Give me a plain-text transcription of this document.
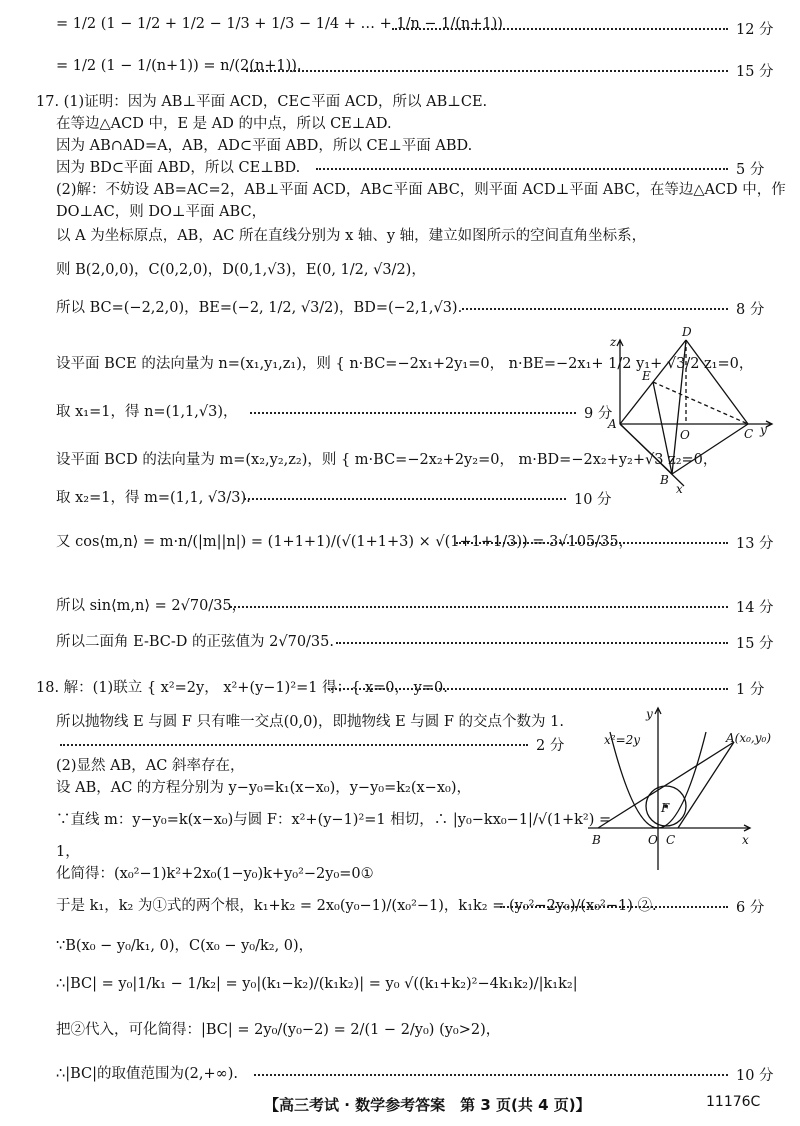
= 1/2 (1 − 1/2 + 1/2 − 1/3 + 1/3 − 1/4 + … + 1/n − 1/(n+1))	12 分
= 1/2 (1 − 1/(n+1)) = n/(2(n+1)).	15 分
17. (1)证明：因为 AB⊥平面 ACD，CE⊂平面 ACD，所以 AB⊥CE.
在等边△ACD 中，E 是 AD 的中点，所以 CE⊥AD.
因为 AB∩AD=A，AB，AD⊂平面 ABD，所以 CE⊥平面 ABD.
因为 BD⊂平面 ABD，所以 CE⊥BD.	5 分
(2)解：不妨设 AB=AC=2，AB⊥平面 ACD，AB⊂平面 ABC，则平面 ACD⊥平面 ABC，在等边△ACD 中，作
DO⊥AC，则 DO⊥平面 ABC，
以 A 为坐标原点，AB，AC 所在直线分别为 x 轴、y 轴，建立如图所示的空间直角坐标系，
则 B(2,0,0)，C(0,2,0)，D(0,1,√3)，E(0, 1/2, √3/2)，
所以 BC=(−2,2,0)，BE=(−2, 1/2, √3/2)，BD=(−2,1,√3).	8 分
设平面 BCE 的法向量为 n=(x₁,y₁,z₁)，则 { n·BC=−2x₁+2y₁=0， n·BE=−2x₁+ 1/2 y₁+ √3/2 z₁=0，
取 x₁=1，得 n=(1,1,√3)，	9 分
设平面 BCD 的法向量为 m=(x₂,y₂,z₂)，则 { m·BC=−2x₂+2y₂=0， m·BD=−2x₂+y₂+√3 z₂=0，
取 x₂=1，得 m=(1,1, √3/3).	10 分
又 cos⟨m,n⟩ = m·n/(|m||n|) = (1+1+1)/(√(1+1+3) × √(1+1+1/3)) = 3√105/35，	13 分
所以 sin⟨m,n⟩ = 2√70/35，	14 分
所以二面角 E-BC-D 的正弦值为 2√70/35.	15 分
18. 解：(1)联立 { x²=2y， x²+(y−1)²=1 得：{ x=0， y=0.	1 分
所以抛物线 E 与圆 F 只有唯一交点(0,0)，即抛物线 E 与圆 F 的交点个数为 1.
2 分
(2)显然 AB，AC 斜率存在，
设 AB，AC 的方程分别为 y−y₀=k₁(x−x₀)，y−y₀=k₂(x−x₀)，
∵直线 m：y−y₀=k(x−x₀)与圆 F：x²+(y−1)²=1 相切，∴ |y₀−kx₀−1|/√(1+k²) =
1，
化简得：(x₀²−1)k²+2x₀(1−y₀)k+y₀²−2y₀=0①
于是 k₁，k₂ 为①式的两个根，k₁+k₂ = 2x₀(y₀−1)/(x₀²−1)，k₁k₂ = (y₀²−2y₀)/(x₀²−1) ②.	6 分
∵B(x₀ − y₀/k₁, 0)，C(x₀ − y₀/k₂, 0)，
∴|BC| = y₀|1/k₁ − 1/k₂| = y₀|(k₁−k₂)/(k₁k₂)| = y₀ √((k₁+k₂)²−4k₁k₂)/|k₁k₂|
把②代入，可化简得：|BC| = 2y₀/(y₀−2) = 2/(1 − 2/y₀) (y₀>2)，
∴|BC|的取值范围为(2,+∞).	10 分
z
D
E
A
O	C y
B
x
y
x²=2y	A(x₀,y₀)
F
B	O C	x
【高三考试 · 数学参考答案　第 3 页(共 4 页)】	11176C
